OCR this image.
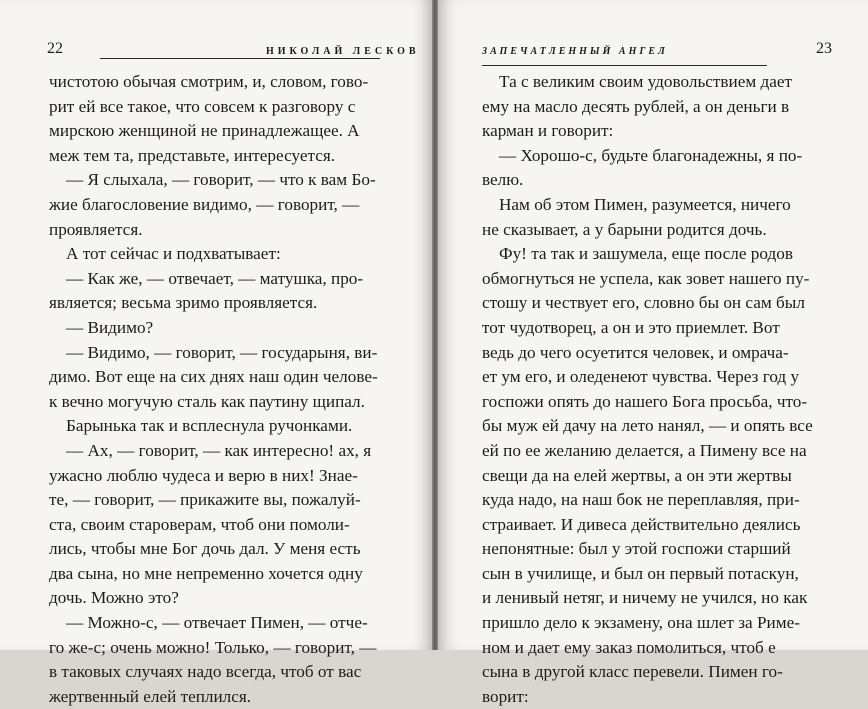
22	НИКОЛАЙ ЛЕСКОВ
чистотою обычая смотрим, и, словом, гово-
рит ей все такое, что совсем к разговору с
мирскою женщиной не принадлежащее. А
меж тем та, представьте, интересуется.
— Я слыхала, — говорит, — что к вам Бо-
жие благословение видимо, — говорит, —
проявляется.
А тот сейчас и подхватывает:
— Как же, — отвечает, — матушка, про-
является; весьма зримо проявляется.
— Видимо?
— Видимо, — говорит, — государыня, ви-
димо. Вот еще на сих днях наш один челове-
к вечно могучую сталь как паутину щипал.
Барынька так и всплеснула ручонками.
— Ах, — говорит, — как интересно! ах, я
ужасно люблю чудеса и верю в них! Знае-
те, — говорит, — прикажите вы, пожалуй-
ста, своим староверам, чтоб они помоли-
лись, чтобы мне Бог дочь дал. У меня есть
два сына, но мне непременно хочется одну
дочь. Можно это?
— Можно-с, — отвечает Пимен, — отче-
го же-с; очень можно! Только, — говорит, —
в таковых случаях надо всегда, чтоб от вас
жертвенный елей теплился.
ЗАПЕЧАТЛЕННЫЙ АНГЕЛ	23
Та с великим своим удовольствием дает
ему на масло десять рублей, а он деньги в
карман и говорит:
— Хорошо-с, будьте благонадежны, я по-
велю.
Нам об этом Пимен, разумеется, ничего
не сказывает, а у барыни родится дочь.
Фу! та так и зашумела, еще после родов
обмогнуться не успела, как зовет нашего пу-
стошу и чествует его, словно бы он сам был
тот чудотворец, а он и это приемлет. Вот
ведь до чего осуетится человек, и омрача-
ет ум его, и оледенеют чувства. Через год у
госпожи опять до нашего Бога просьба, что-
бы муж ей дачу на лето нанял, — и опять все
ей по ее желанию делается, а Пимену все на
свещи да на елей жертвы, а он эти жертвы
куда надо, на наш бок не переплавляя, при-
страивает. И дивеса действительно деялись
непонятные: был у этой госпожи старший
сын в училище, и был он первый потаскун,
и ленивый нетяг, и ничему не учился, но как
пришло дело к экзамену, она шлет за Риме-
ном и дает ему заказ помолиться, чтоб е
сына в другой класс перевели. Пимен го-
ворит:
